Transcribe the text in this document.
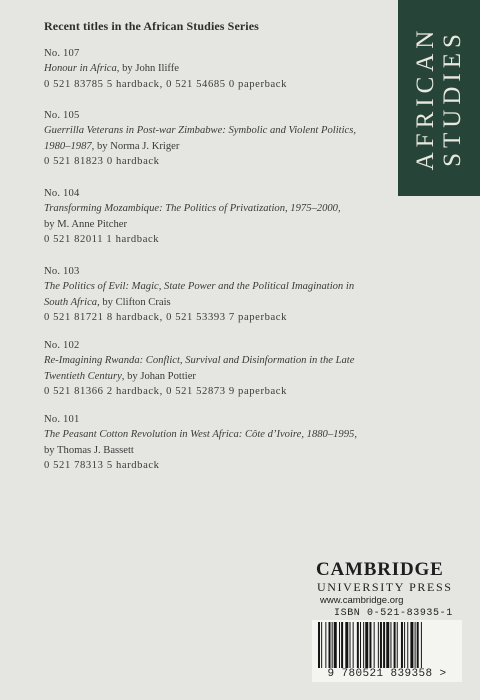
Recent titles in the African Studies Series
No. 107
Honour in Africa, by John Iliffe
0 521 83785 5 hardback, 0 521 54685 0 paperback
No. 105
Guerrilla Veterans in Post-war Zimbabwe: Symbolic and Violent Politics,
1980–1987, by Norma J. Kriger
0 521 81823 0 hardback
No. 104
Transforming Mozambique: The Politics of Privatization, 1975–2000,
by M. Anne Pitcher
0 521 82011 1 hardback
No. 103
The Politics of Evil: Magic, State Power and the Political Imagination in
South Africa, by Clifton Crais
0 521 81721 8 hardback, 0 521 53393 7 paperback
No. 102
Re-Imagining Rwanda: Conflict, Survival and Disinformation in the Late
Twentieth Century, by Johan Pottier
0 521 81366 2 hardback, 0 521 52873 9 paperback
No. 101
The Peasant Cotton Revolution in West Africa: Côte d’Ivoire, 1880–1995,
by Thomas J. Bassett
0 521 78313 5 hardback
AFRICAN STUDIES
CAMBRIDGE
UNIVERSITY PRESS
www.cambridge.org
ISBN 0-521-83935-1
9 780521 839358 >
